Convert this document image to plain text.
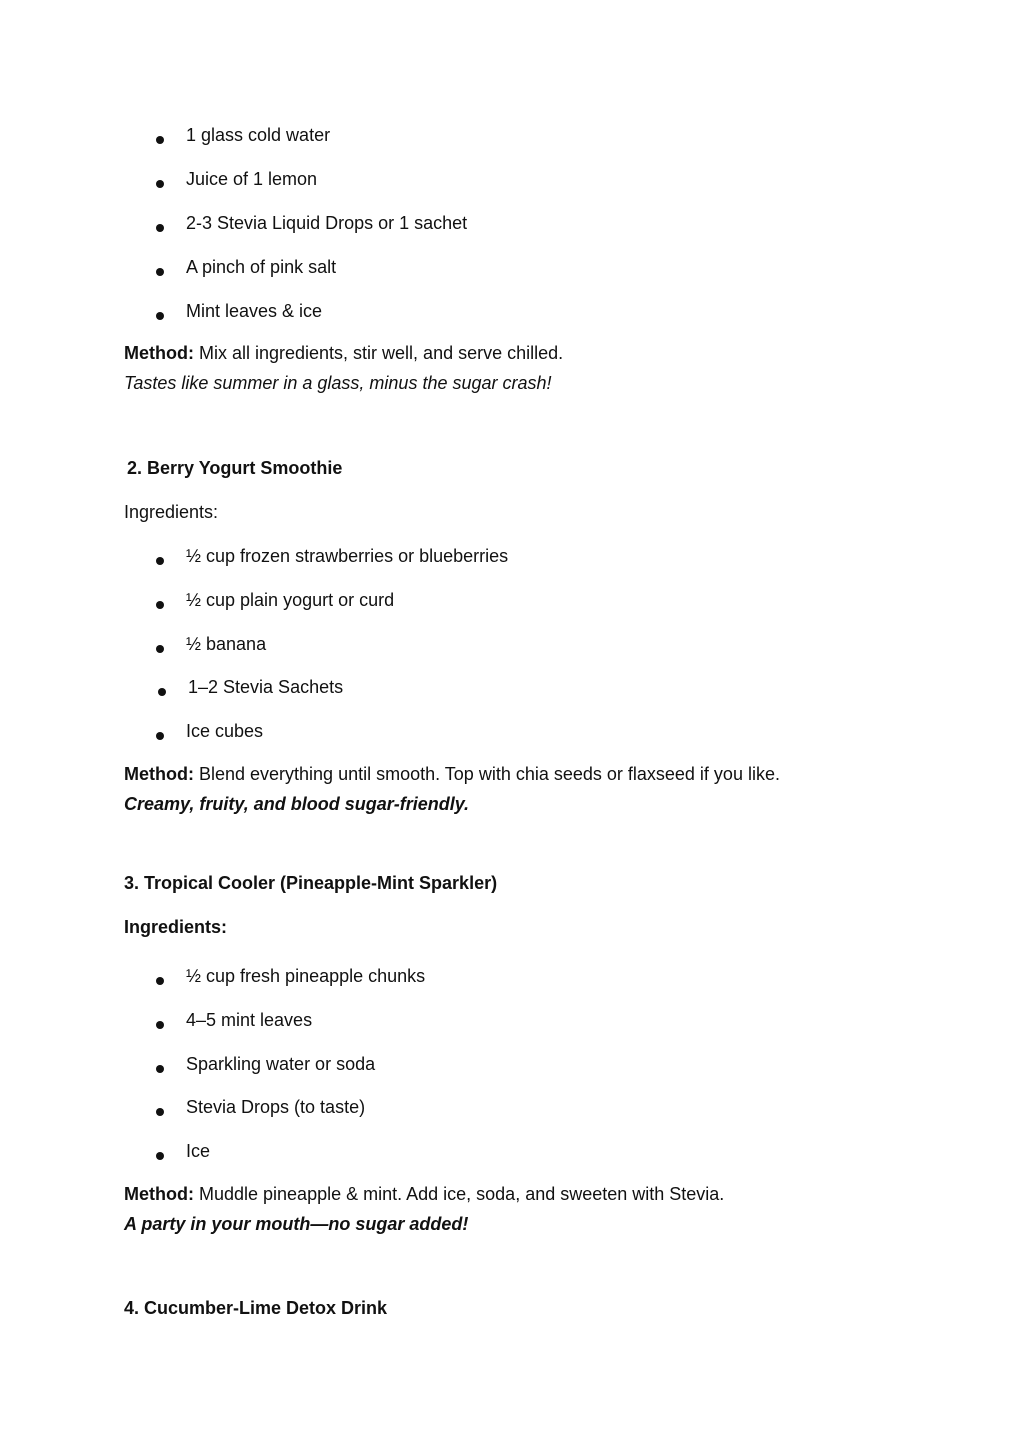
1 glass cold water
Juice of 1 lemon
2-3 Stevia Liquid Drops or 1 sachet
A pinch of pink salt
Mint leaves & ice
Method: Mix all ingredients, stir well, and serve chilled.
Tastes like summer in a glass, minus the sugar crash!
2. Berry Yogurt Smoothie
Ingredients:
½ cup frozen strawberries or blueberries
½ cup plain yogurt or curd
½ banana
1–2 Stevia Sachets
Ice cubes
Method: Blend everything until smooth. Top with chia seeds or flaxseed if you like.
Creamy, fruity, and blood sugar-friendly.
3. Tropical Cooler (Pineapple-Mint Sparkler)
Ingredients:
½ cup fresh pineapple chunks
4–5 mint leaves
Sparkling water or soda
Stevia Drops (to taste)
Ice
Method: Muddle pineapple & mint. Add ice, soda, and sweeten with Stevia.
A party in your mouth—no sugar added!
4. Cucumber-Lime Detox Drink
